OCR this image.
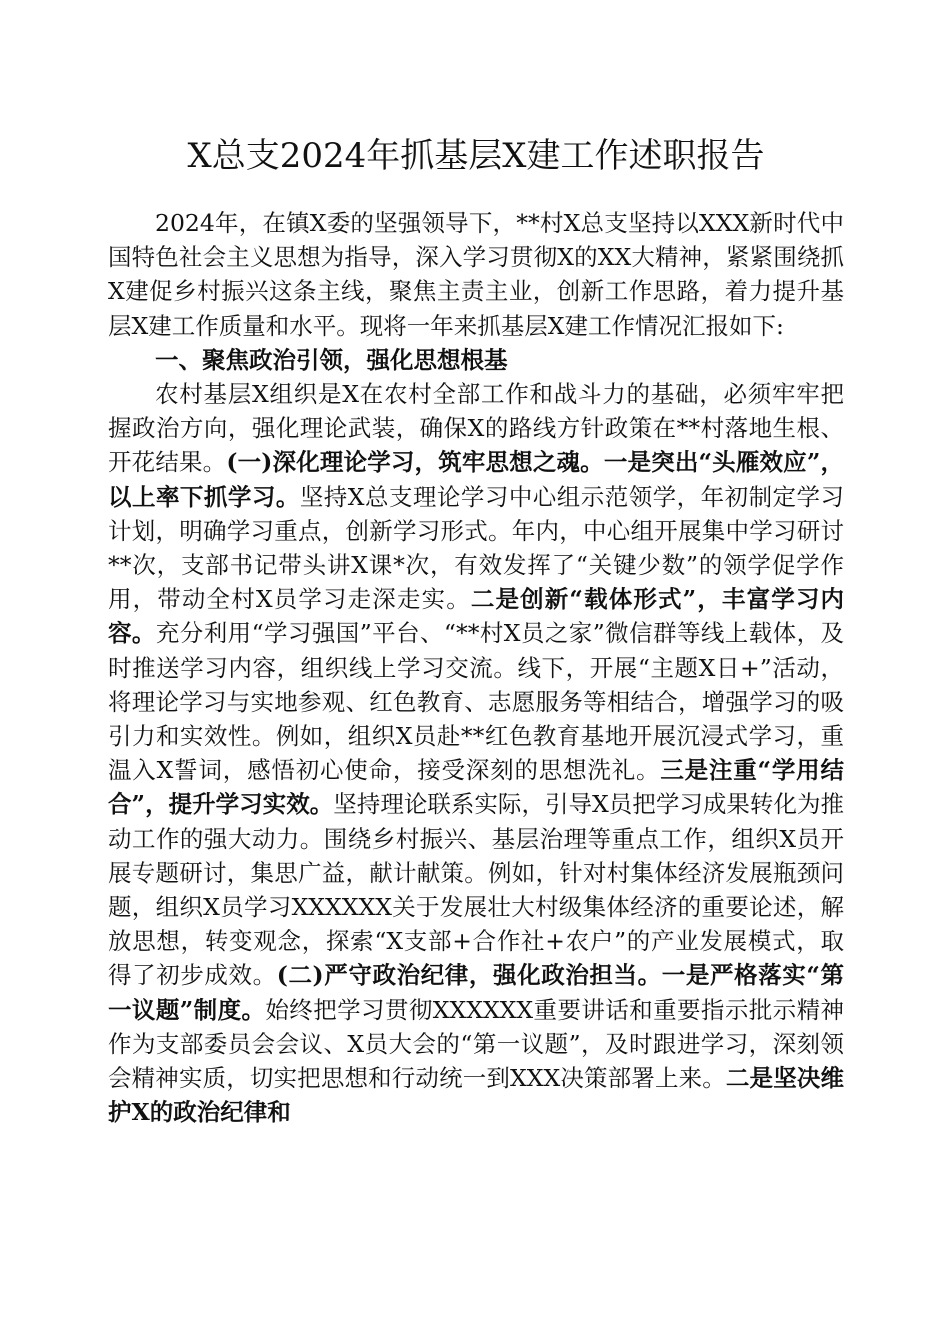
X总支2024年抓基层X建工作述职报告

2024年，在镇X委的坚强领导下，**村X总支坚持以XXX新时代中国特色社会主义思想为指导，深入学习贯彻X的XX大精神，紧紧围绕抓X建促乡村振兴这条主线，聚焦主责主业，创新工作思路，着力提升基层X建工作质量和水平。现将一年来抓基层X建工作情况汇报如下:

一、聚焦政治引领，强化思想根基

农村基层X组织是X在农村全部工作和战斗力的基础，必须牢牢把握政治方向，强化理论武装，确保X的路线方针政策在**村落地生根、开花结果。(一)深化理论学习，筑牢思想之魂。一是突出“头雁效应”，以上率下抓学习。坚持X总支理论学习中心组示范领学，年初制定学习计划，明确学习重点，创新学习形式。年内，中心组开展集中学习研讨**次，支部书记带头讲X课*次，有效发挥了“关键少数”的领学促学作用，带动全村X员学习走深走实。二是创新“载体形式”，丰富学习内容。充分利用“学习强国”平台、“**村X员之家”微信群等线上载体，及时推送学习内容，组织线上学习交流。线下，开展“主题X日+”活动，将理论学习与实地参观、红色教育、志愿服务等相结合，增强学习的吸引力和实效性。例如，组织X员赴**红色教育基地开展沉浸式学习，重温入X誓词，感悟初心使命，接受深刻的思想洗礼。三是注重“学用结合”，提升学习实效。坚持理论联系实际，引导X员把学习成果转化为推动工作的强大动力。围绕乡村振兴、基层治理等重点工作，组织X员开展专题研讨，集思广益，献计献策。例如，针对村集体经济发展瓶颈问题，组织X员学习XXXXXX关于发展壮大村级集体经济的重要论述，解放思想，转变观念，探索“X支部+合作社+农户”的产业发展模式，取得了初步成效。(二)严守政治纪律，强化政治担当。一是严格落实“第一议题”制度。始终把学习贯彻XXXXXX重要讲话和重要指示批示精神作为支部委员会会议、X员大会的“第一议题”，及时跟进学习，深刻领会精神实质，切实把思想和行动统一到XXX决策部署上来。二是坚决维护X的政治纪律和
